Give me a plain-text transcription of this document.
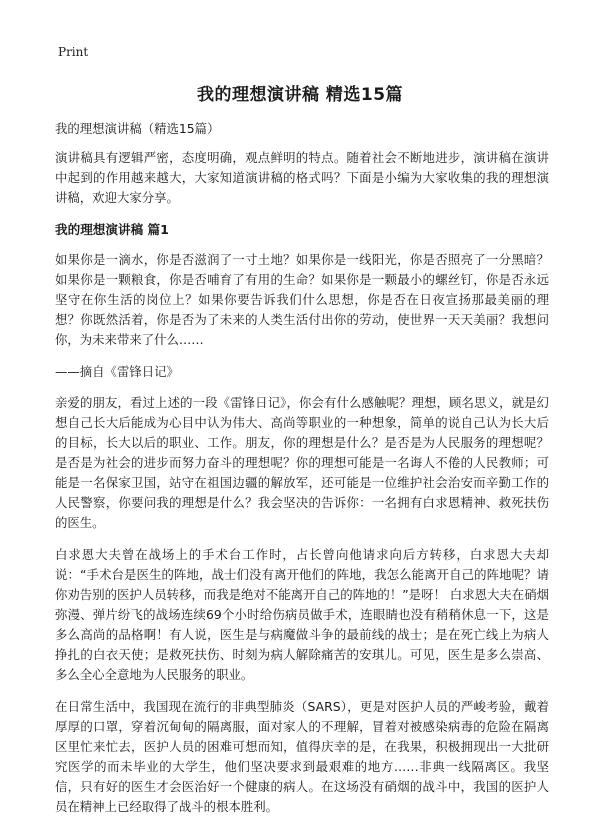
Print
我的理想演讲稿 精选15篇

我的理想演讲稿（精选15篇）

演讲稿具有逻辑严密，态度明确，观点鲜明的特点。随着社会不断地进步，演讲稿在演讲中起到的作用越来越大，大家知道演讲稿的格式吗？下面是小编为大家收集的我的理想演讲稿，欢迎大家分享。

我的理想演讲稿 篇1

如果你是一滴水，你是否滋润了一寸土地？如果你是一线阳光，你是否照亮了一分黑暗？如果你是一颗粮食，你是否哺育了有用的生命？如果你是一颗最小的螺丝钉，你是否永远坚守在你生活的岗位上？如果你要告诉我们什么思想，你是否在日夜宣扬那最美丽的理想？你既然活着，你是否为了未来的人类生活付出你的劳动，使世界一天天美丽？我想问你，为未来带来了什么……

——摘自《雷锋日记》

亲爱的朋友，看过上述的一段《雷锋日记》，你会有什么感触呢？理想，顾名思义，就是幻想自己长大后能成为心目中认为伟大、高尚等职业的一种想象，简单的说自己认为长大后的目标，长大以后的职业、工作。朋友，你的理想是什么？是否是为人民服务的理想呢？是否是为社会的进步而努力奋斗的理想呢？你的理想可能是一名诲人不倦的人民教师；可能是一名保家卫国，站守在祖国边疆的解放军，还可能是一位维护社会治安而辛勤工作的人民警察，你要问我的理想是什么？我会坚决的告诉你：一名拥有白求恩精神、救死扶伤的医生。

白求恩大夫曾在战场上的手术台工作时，占长曾向他请求向后方转移，白求恩大夫却说：“手术台是医生的阵地，战士们没有离开他们的阵地，我怎么能离开自己的阵地呢？请你劝告别的医护人员转移，而我是绝对不能离开自己的阵地的！”是呀！ 白求恩大夫在硝烟弥漫、弹片纷飞的战场连续69个小时给伤病员做手术，连眼睛也没有稍稍休息一下，这是多么高尚的品格啊！有人说，医生是与病魔做斗争的最前线的战士；是在死亡线上为病人挣扎的白衣天使；是救死扶伤、时刻为病人解除痛苦的安琪儿。可见，医生是多么崇高、多么全心全意地为人民服务的职业。

在日常生活中，我国现在流行的非典型肺炎（SARS），更是对医护人员的严峻考验，戴着厚厚的口罩，穿着沉甸甸的隔离服，面对家人的不理解，冒着对被感染病毒的危险在隔离区里忙来忙去，医护人员的困难可想而知，值得庆幸的是，在我果，积极拥现出一大批研究医学的而未毕业的大学生，他们坚决要求到最艰难的地方……非典一线隔离区。我坚信，只有好的医生才会医治好一个健康的病人。在这场没有硝烟的战斗中，我国的医护人员在精神上已经取得了战斗的根本胜利。
